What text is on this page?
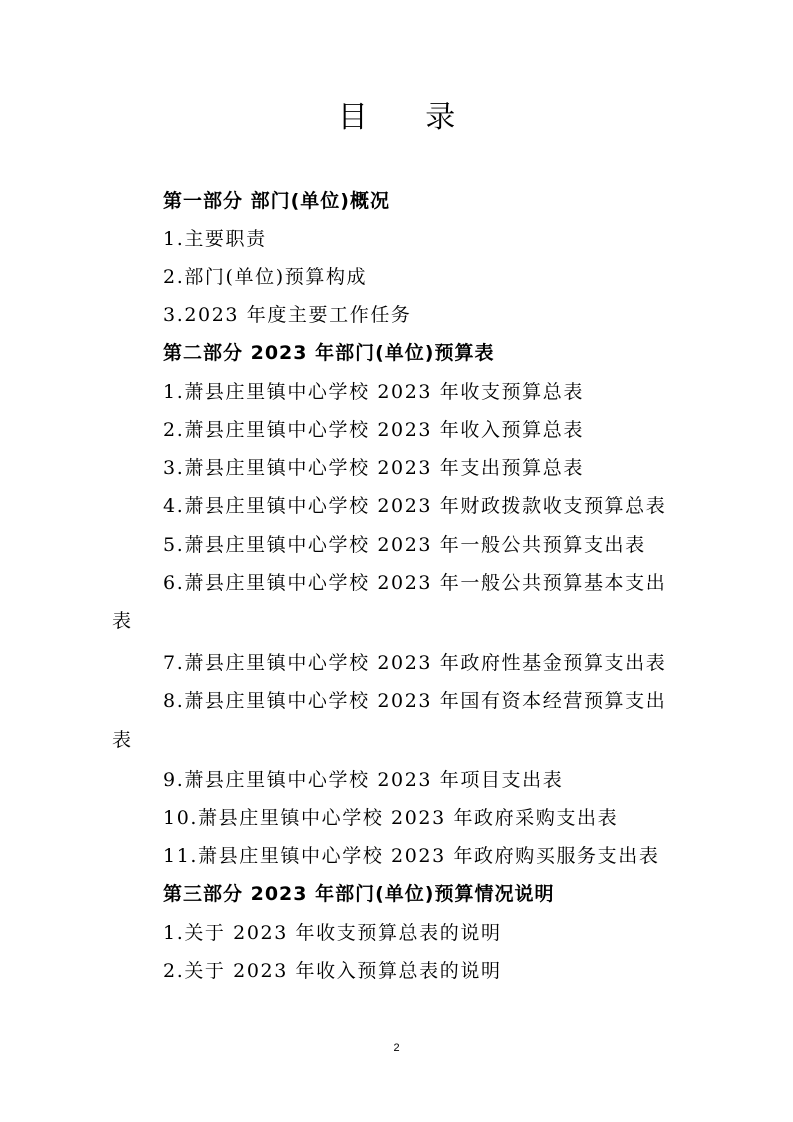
目 录
第一部分 部门(单位)概况
1.主要职责
2.部门(单位)预算构成
3.2023 年度主要工作任务
第二部分 2023 年部门(单位)预算表
1.萧县庄里镇中心学校 2023 年收支预算总表
2.萧县庄里镇中心学校 2023 年收入预算总表
3.萧县庄里镇中心学校 2023 年支出预算总表
4.萧县庄里镇中心学校 2023 年财政拨款收支预算总表
5.萧县庄里镇中心学校 2023 年一般公共预算支出表
6.萧县庄里镇中心学校 2023 年一般公共预算基本支出
表
7.萧县庄里镇中心学校 2023 年政府性基金预算支出表
8.萧县庄里镇中心学校 2023 年国有资本经营预算支出
表
9.萧县庄里镇中心学校 2023 年项目支出表
10.萧县庄里镇中心学校 2023 年政府采购支出表
11.萧县庄里镇中心学校 2023 年政府购买服务支出表
第三部分 2023 年部门(单位)预算情况说明
1.关于 2023 年收支预算总表的说明
2.关于 2023 年收入预算总表的说明
2
